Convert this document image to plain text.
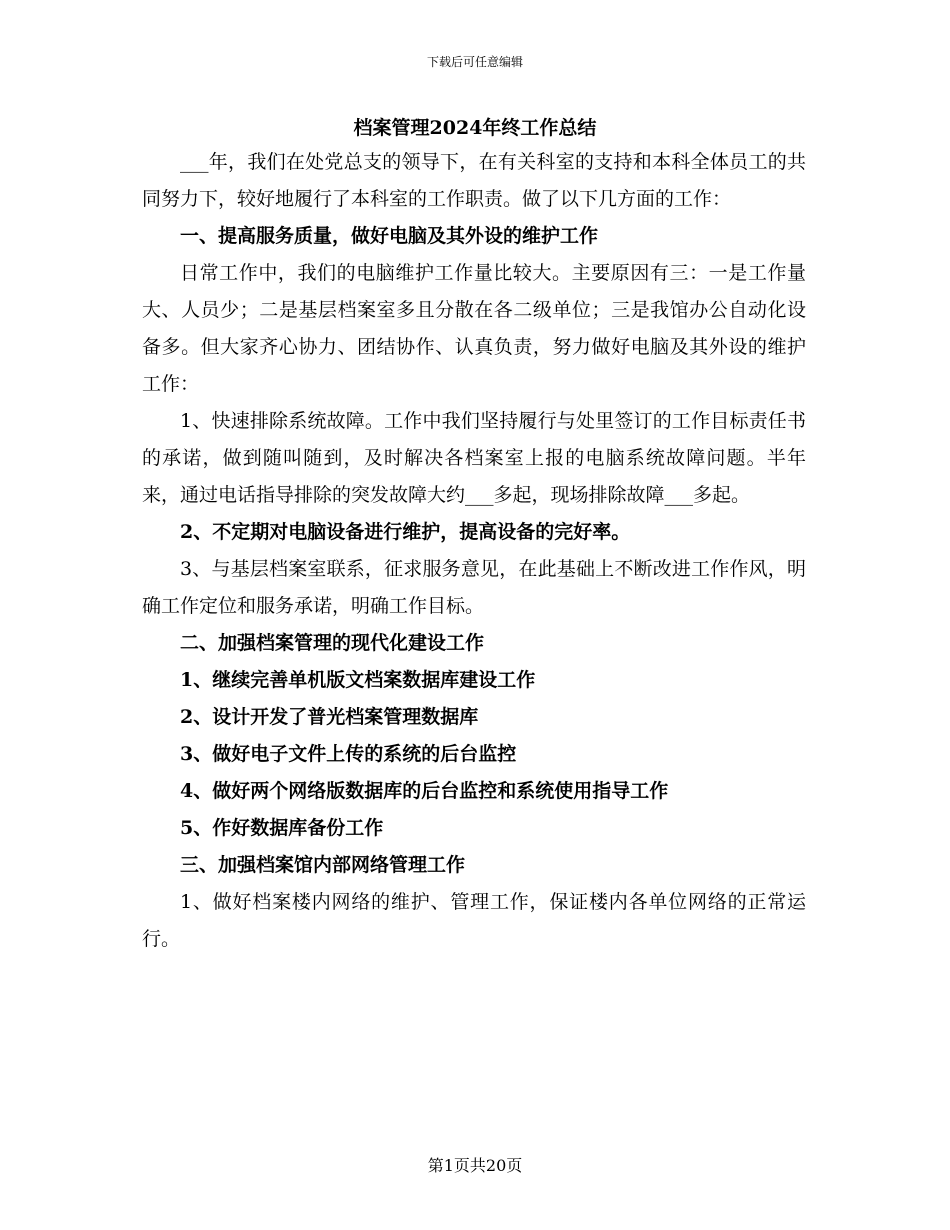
下载后可任意编辑
档案管理2024年终工作总结

___年，我们在处党总支的领导下，在有关科室的支持和本科全体员工的共同努力下，较好地履行了本科室的工作职责。做了以下几方面的工作：

一、提高服务质量，做好电脑及其外设的维护工作

日常工作中，我们的电脑维护工作量比较大。主要原因有三：一是工作量大、人员少；二是基层档案室多且分散在各二级单位；三是我馆办公自动化设备多。但大家齐心协力、团结协作、认真负责，努力做好电脑及其外设的维护工作：

1、快速排除系统故障。工作中我们坚持履行与处里签订的工作目标责任书的承诺，做到随叫随到，及时解决各档案室上报的电脑系统故障问题。半年来，通过电话指导排除的突发故障大约___多起，现场排除故障___多起。

2、不定期对电脑设备进行维护，提高设备的完好率。

3、与基层档案室联系，征求服务意见，在此基础上不断改进工作作风，明确工作定位和服务承诺，明确工作目标。

二、加强档案管理的现代化建设工作

1、继续完善单机版文档案数据库建设工作

2、设计开发了普光档案管理数据库

3、做好电子文件上传的系统的后台监控

4、做好两个网络版数据库的后台监控和系统使用指导工作

5、作好数据库备份工作

三、加强档案馆内部网络管理工作

1、做好档案楼内网络的维护、管理工作，保证楼内各单位网络的正常运行。

第1页共20页
